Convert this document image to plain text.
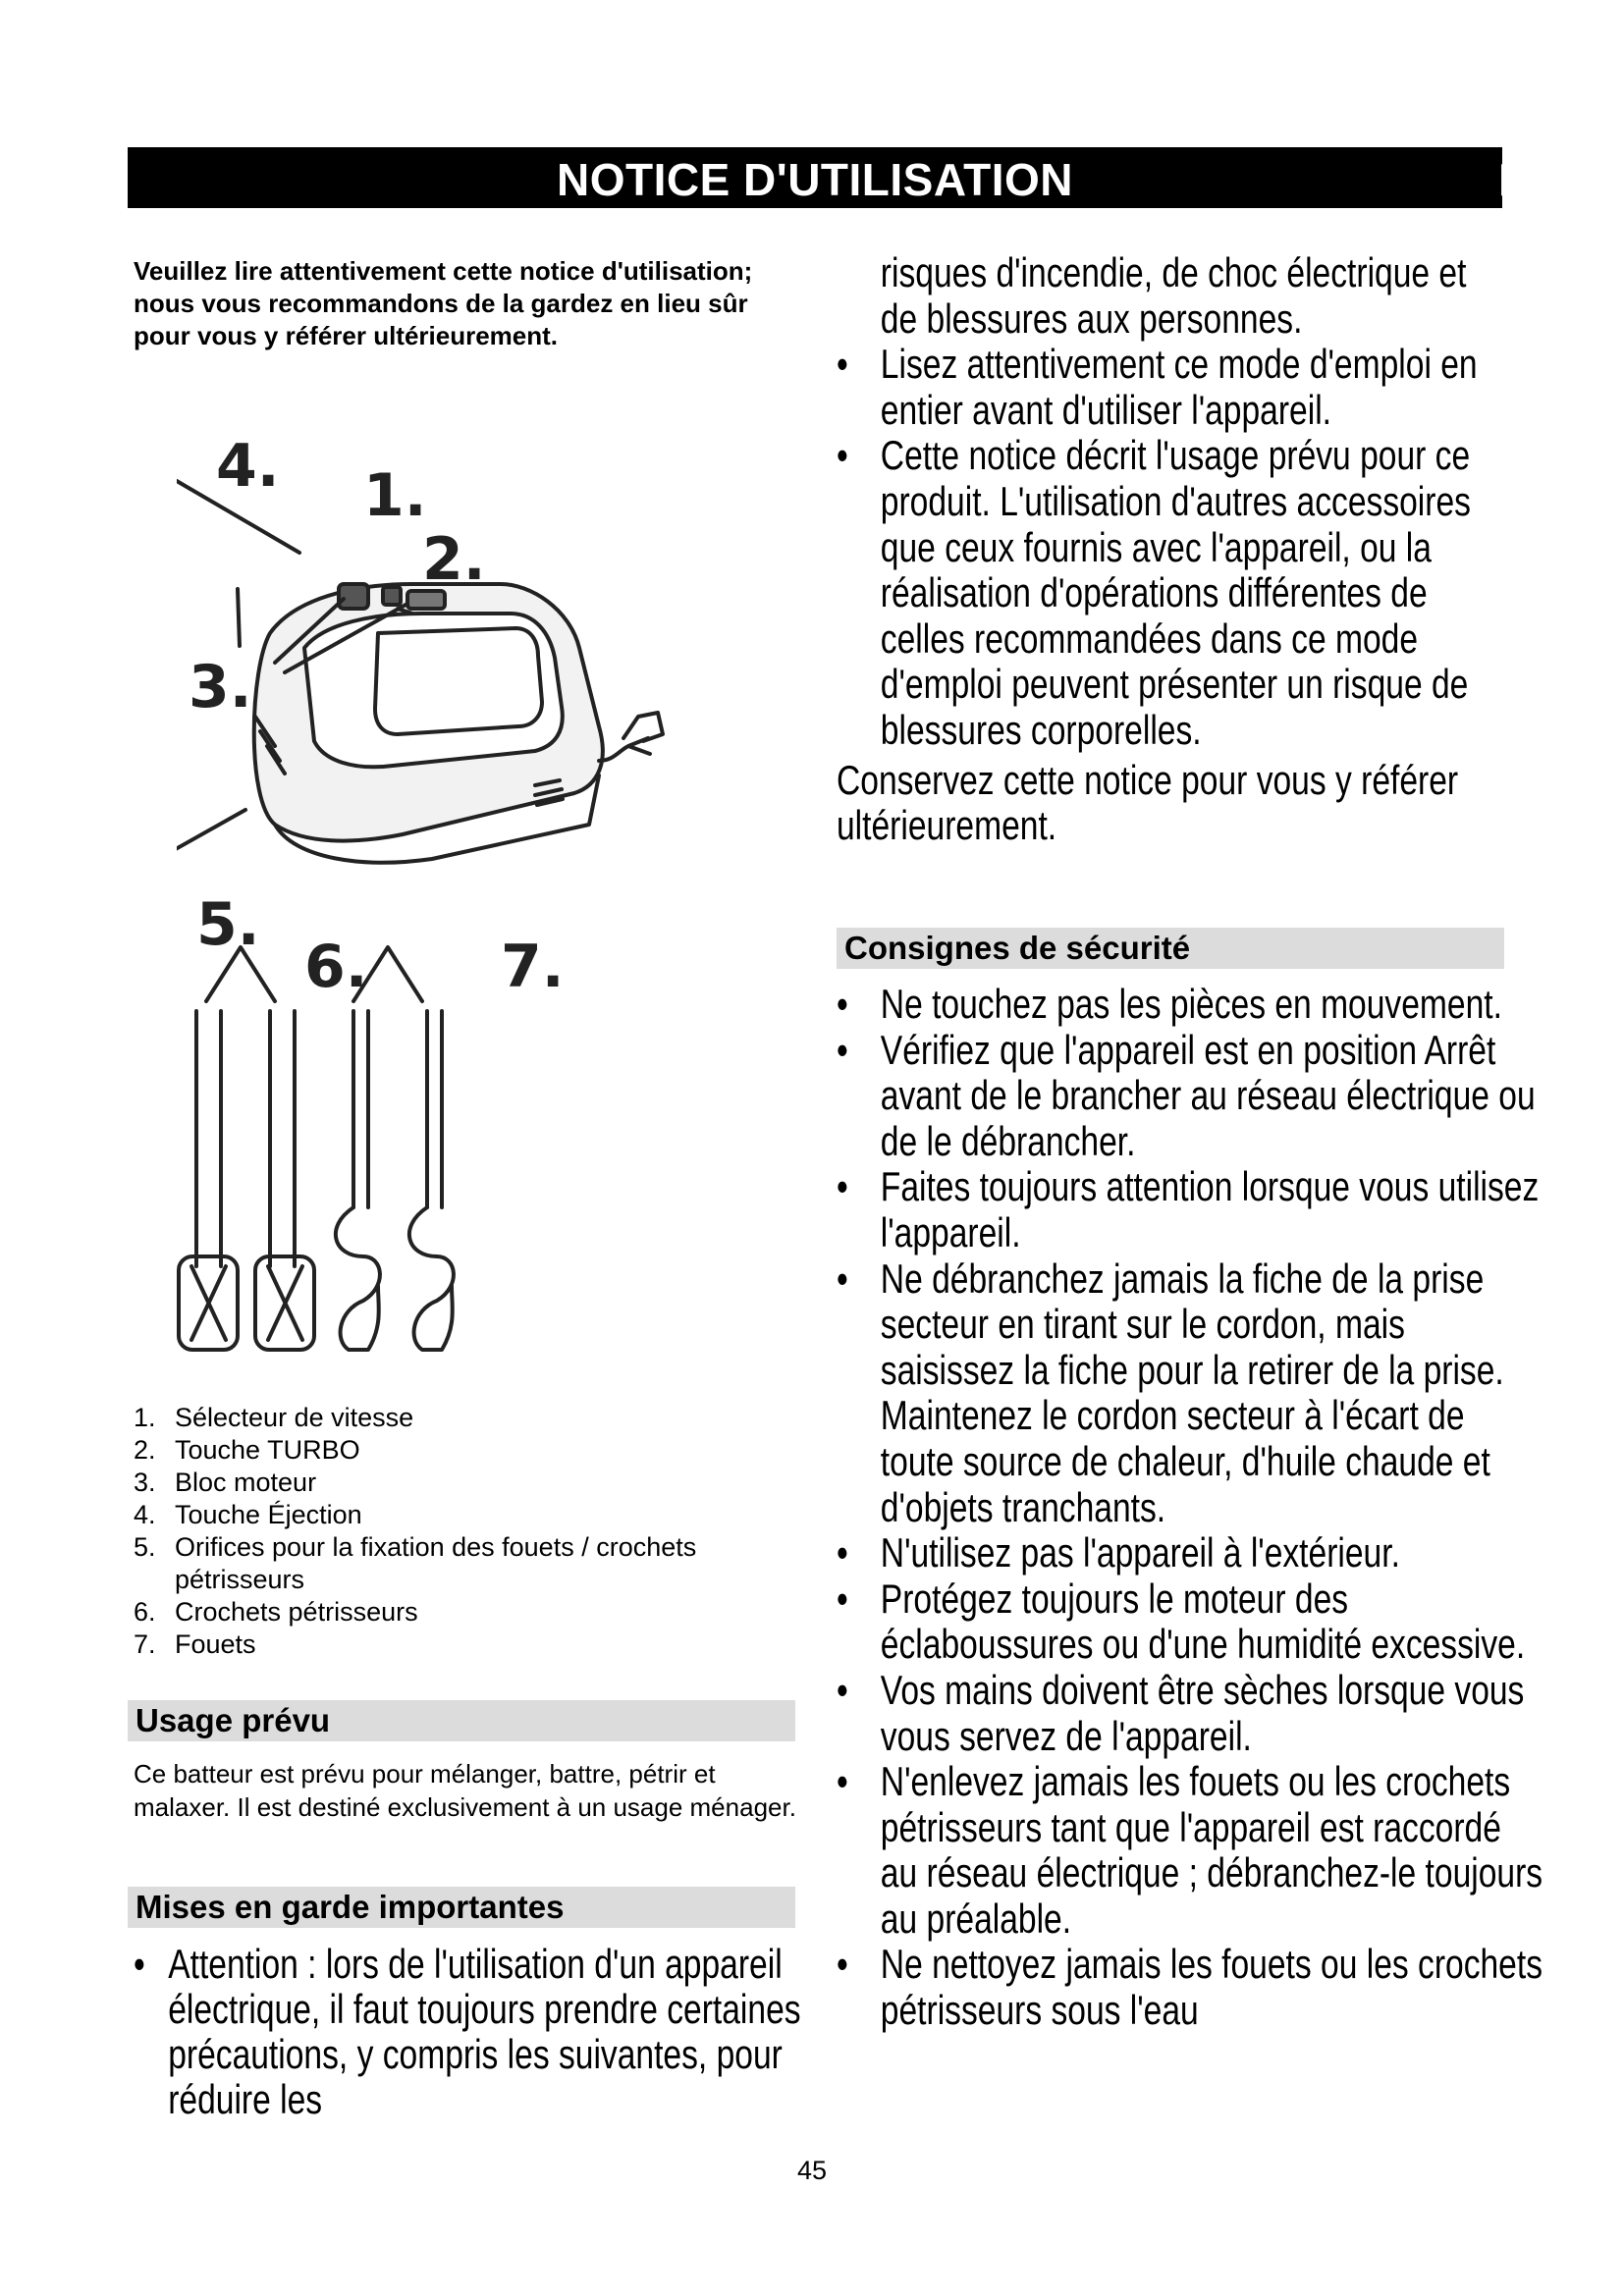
NOTICE D'UTILISATION	FR
Veuillez lire attentivement cette notice d'utilisation; nous vous recommandons de la gardez en lieu sûr pour vous y référer ultérieurement.
4. 1.
2.
3.
5.
6. 7.
1. Sélecteur de vitesse
2. Touche TURBO
3. Bloc moteur
4. Touche Éjection
5. Orifices pour la fixation des fouets / crochets pétrisseurs
6. Crochets pétrisseurs
7. Fouets
Usage prévu
Ce batteur est prévu pour mélanger, battre, pétrir et malaxer. Il est destiné exclusivement à un usage ménager.
Mises en garde importantes
• Attention : lors de l'utilisation d'un appareil électrique, il faut toujours prendre certaines précautions, y compris les suivantes, pour réduire les

risques d'incendie, de choc électrique et de blessures aux personnes.

• Lisez attentivement ce mode d'emploi en entier avant d'utiliser l'appareil.
• Cette notice décrit l'usage prévu pour ce produit. L'utilisation d'autres accessoires que ceux fournis avec l'appareil, ou la réalisation d'opérations différentes de celles recommandées dans ce mode d'emploi peuvent présenter un risque de blessures corporelles.

Conservez cette notice pour vous y référer ultérieurement.

Consignes de sécurité
• Ne touchez pas les pièces en mouvement.
• Vérifiez que l'appareil est en position Arrêt avant de le brancher au réseau électrique ou de le débrancher.
• Faites toujours attention lorsque vous utilisez l'appareil.
• Ne débranchez jamais la fiche de la prise secteur en tirant sur le cordon, mais saisissez la fiche pour la retirer de la prise. Maintenez le cordon secteur à l'écart de toute source de chaleur, d'huile chaude et d'objets tranchants.
• N'utilisez pas l'appareil à l'extérieur.
• Protégez toujours le moteur des éclaboussures ou d'une humidité excessive.
• Vos mains doivent être sèches lorsque vous vous servez de l'appareil.
• N'enlevez jamais les fouets ou les crochets pétrisseurs tant que l'appareil est raccordé au réseau électrique ; débranchez-le toujours au préalable.
• Ne nettoyez jamais les fouets ou les crochets pétrisseurs sous l'eau
45
